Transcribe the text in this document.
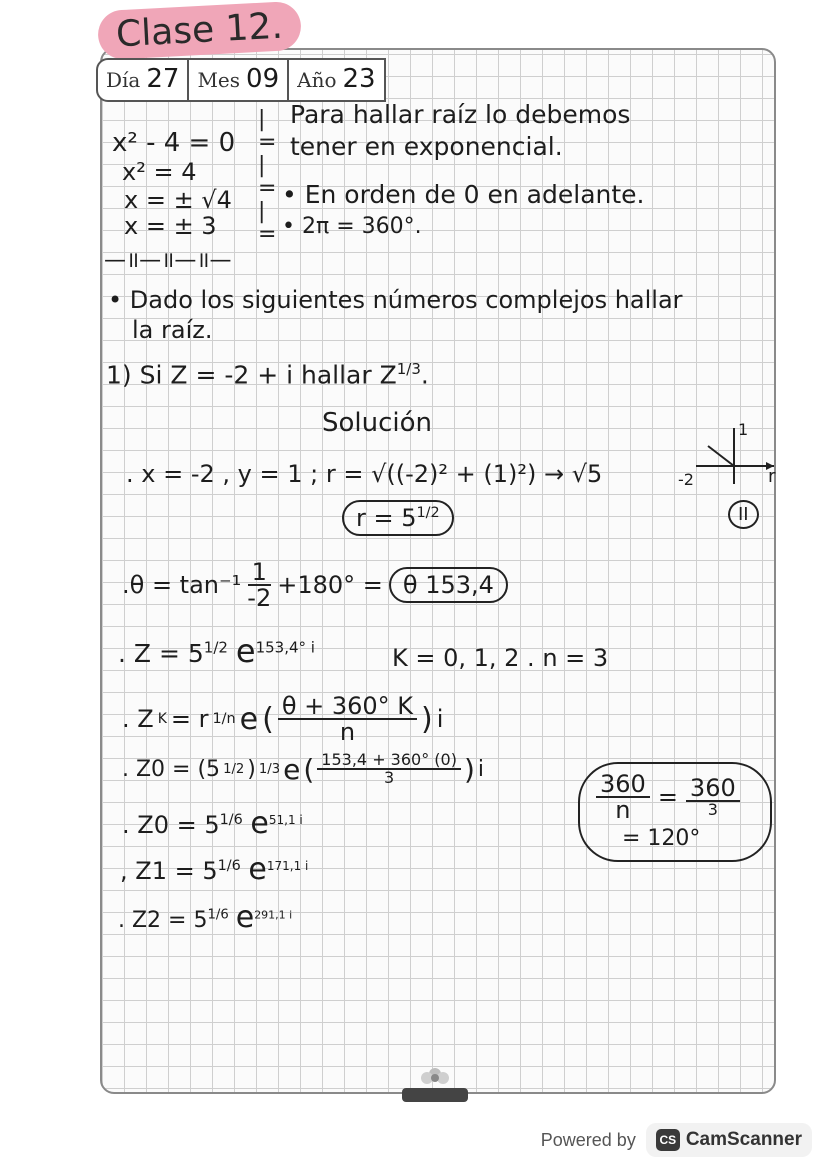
Clase 12.
Día 27 Mes 09 Año 23
x² - 4 = 0
x² = 4
x = ± √4
x = ± 3
|
=
|
=
|
=
Para hallar raíz lo debemos
tener en exponencial.
• En orden de 0 en adelante.
• 2π = 360°.
—॥—॥—॥—
• Dado los siguientes números complejos hallar
la raíz.
1) Si Z = -2 + i hallar $Z^{1/3}$.
Solución
. x = -2 , y = 1 ; r = √((-2)² + (1)²) → √5	-2
1
r
II
$r = 5^{1/2}$
$.\theta = \tan^{-1} \frac{1}{-2} +180^\circ = \theta$ 153,4
. $Z = 5^{1/2}$ $e^{153,4^\circ i}$	K = 0, 1, 2 . n = 3
. Z K = r 1/n e ( $\frac{\theta + 360^\circ K}{n}$ ) i
. Z0 = (5 1/2 ) 1/3 e ( $\frac{153,4 + 360^\circ (0)}{3}$ ) i
. $Z0 = 5^{1/6}$ $e^{51,1 i}$
, $Z1 = 5^{1/6}$ $e^{171,1 i}$
. $Z2 = 5^{1/6}$ $e^{291,1 i}$
$\frac{360}{n} = \frac{360}{3}$
= 120°
Powered by	CS CamScanner
